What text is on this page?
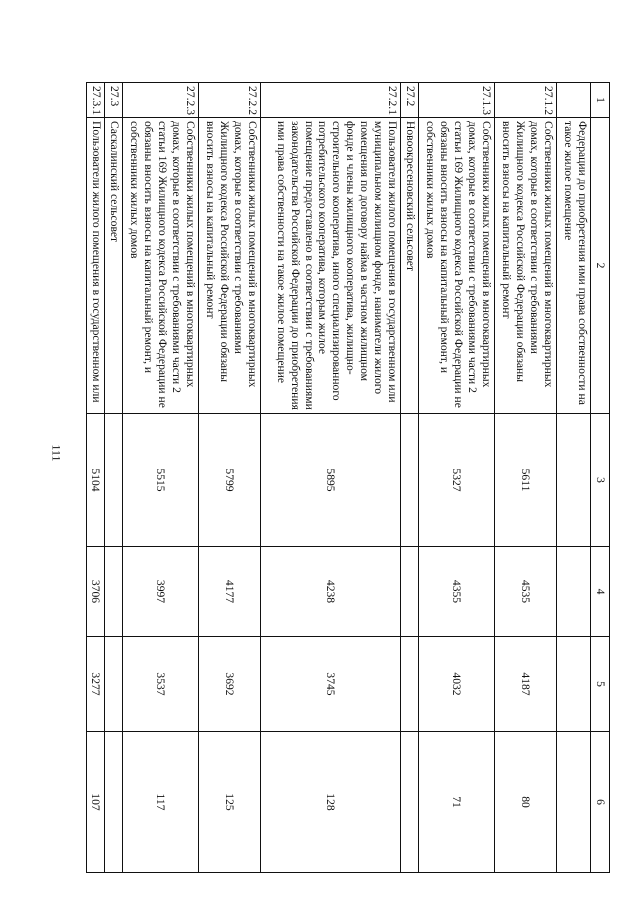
111
1	2	3	4	5	6
	Федерации до приобретения ими права собственности на такое жилое помещение				
27.1.2	Собственники жилых помещений в многоквартирных домах, которые в соответствии с требованиями Жилищного кодекса Российской Федерации обязаны вносить взносы на капитальный ремонт	5611	4535	4187	80
27.1.3	Собственники жилых помещений в многоквартирных домах, которые в соответствии с требованиями части 2 статьи 169 Жилищного кодекса Российской Федерации не обязаны вносить взносы на капитальный ремонт, и собственники жилых домов	5327	4355	4032	71
27.2	Новоокресеновский сельсовет				
27.2.1	Пользователи жилого помещения в государственном или муниципальном жилищном фонде, наниматели жилого помещения по договору найма в частном жилищном фонде и члены жилищного кооператива, жилищно-строительного кооператива, иного специализированного потребительского кооператива, которым жилое помещение предоставлено в соответствии с требованиями законодательства Российской Федерации до приобретения ими права собственности на такое жилое помещение	5895	4238	3745	128
27.2.2	Собственники жилых помещений в многоквартирных домах, которые в соответствии с требованиями Жилищного кодекса Российской Федерации обязаны вносить взносы на капитальный ремонт	5799	4177	3692	125
27.2.3	Собственники жилых помещений в многоквартирных домах, которые в соответствии с требованиями части 2 статьи 169 Жилищного кодекса Российской Федерации не обязаны вносить взносы на капитальный ремонт, и собственники жилых домов	5515	3997	3537	117
27.3	Саскалинский сельсовет				
27.3.1	Пользователи жилого помещения в государственном или	5104	3706	3277	107
